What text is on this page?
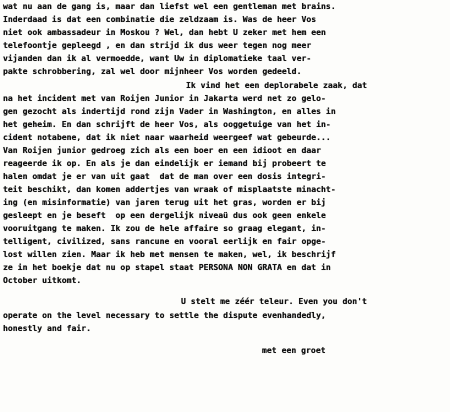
wat nu aan de gang is, maar dan liefst wel een gentleman met brains.
Inderdaad is dat een combinatie die zeldzaam is. Was de heer Vos
niet ook ambassadeur in Moskou ? Wel, dan hebt U zeker met hem een
telefoontje gepleegd , en dan strijd ik dus weer tegen nog meer
vijanden dan ik al vermoedde, want Uw in diplomatieke taal ver-
pakte schrobbering, zal wel door mijnheer Vos worden gedeeld.
Ik vind het een deplorabele zaak, dat
na het incident met van Roijen Junior in Jakarta werd net zo gelo-
gen gezocht als indertijd rond zijn Vader in Washington, en alles in
het geheim. En dan schrijft de heer Vos, als ooggetuige van het in-
cident notabene, dat ik niet naar waarheid weergeef wat gebeurde...
Van Roijen junior gedroeg zich als een boer en een idioot en daar
reageerde ik op. En als je dan eindelijk er iemand bij probeert te
halen omdat je er van uit gaat  dat de man over een dosis integri-
teit beschikt, dan komen addertjes van wraak of misplaatste minacht-
ing (en misinformatie) van jaren terug uit het gras, worden er bij
gesleept en je beseft  op een dergelijk niveaü dus ook geen enkele
vooruitgang te maken. Ik zou de hele affaire so graag elegant, in-
telligent, civilized, sans rancune en vooral eerlijk en fair opge-
lost willen zien. Maar ik heb met mensen te maken, wel, ik beschrijf
ze in het boekje dat nu op stapel staat PERSONA NON GRATA en dat in
October uitkomt.
U stelt me zéér teleur. Even you don't
operate on the level necessary to settle the dispute evenhandedly,
honestly and fair.
met een groet
